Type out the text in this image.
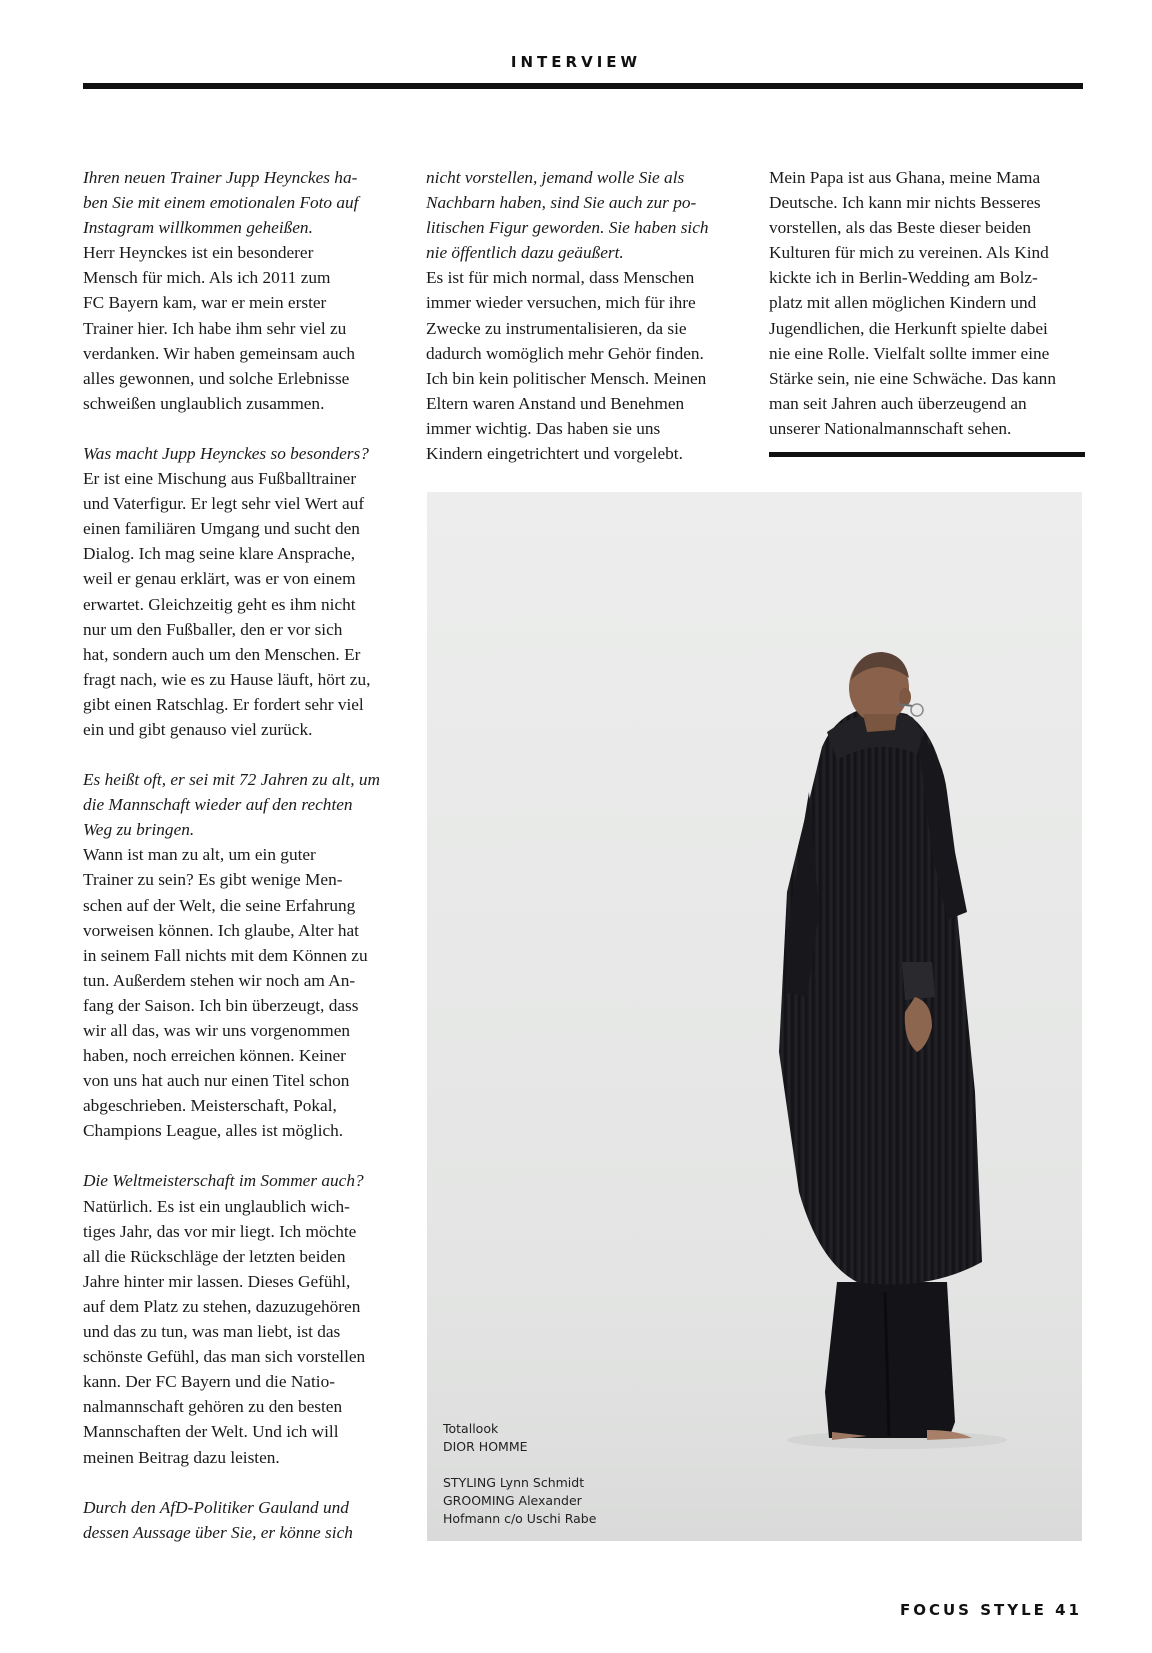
INTERVIEW

Ihren neuen Trainer Jupp Heynckes ha-
ben Sie mit einem emotionalen Foto auf
Instagram willkommen geheißen.

Herr Heynckes ist ein besonderer
Mensch für mich. Als ich 2011 zum
FC Bayern kam, war er mein erster
Trainer hier. Ich habe ihm sehr viel zu
verdanken. Wir haben gemeinsam auch
alles gewonnen, und solche Erlebnisse
schweißen unglaublich zusammen.

Was macht Jupp Heynckes so besonders?

Er ist eine Mischung aus Fußballtrainer
und Vaterfigur. Er legt sehr viel Wert auf
einen familiären Umgang und sucht den
Dialog. Ich mag seine klare Ansprache,
weil er genau erklärt, was er von einem
erwartet. Gleichzeitig geht es ihm nicht
nur um den Fußballer, den er vor sich
hat, sondern auch um den Menschen. Er
fragt nach, wie es zu Hause läuft, hört zu,
gibt einen Ratschlag. Er fordert sehr viel
ein und gibt genauso viel zurück.

Es heißt oft, er sei mit 72 Jahren zu alt, um
die Mannschaft wieder auf den rechten
Weg zu bringen.

Wann ist man zu alt, um ein guter
Trainer zu sein? Es gibt wenige Men-
schen auf der Welt, die seine Erfahrung
vorweisen können. Ich glaube, Alter hat
in seinem Fall nichts mit dem Können zu
tun. Außerdem stehen wir noch am An-
fang der Saison. Ich bin überzeugt, dass
wir all das, was wir uns vorgenommen
haben, noch erreichen können. Keiner
von uns hat auch nur einen Titel schon
abgeschrieben. Meisterschaft, Pokal,
Champions League, alles ist möglich.

Die Weltmeisterschaft im Sommer auch?

Natürlich. Es ist ein unglaublich wich-
tiges Jahr, das vor mir liegt. Ich möchte
all die Rückschläge der letzten beiden
Jahre hinter mir lassen. Dieses Gefühl,
auf dem Platz zu stehen, dazuzugehören
und das zu tun, was man liebt, ist das
schönste Gefühl, das man sich vorstellen
kann. Der FC Bayern und die Natio-
nalmannschaft gehören zu den besten
Mannschaften der Welt. Und ich will
meinen Beitrag dazu leisten.

Durch den AfD-Politiker Gauland und
dessen Aussage über Sie, er könne sich

nicht vorstellen, jemand wolle Sie als
Nachbarn haben, sind Sie auch zur po-
litischen Figur geworden. Sie haben sich
nie öffentlich dazu geäußert.

Es ist für mich normal, dass Menschen
immer wieder versuchen, mich für ihre
Zwecke zu instrumentalisieren, da sie
dadurch womöglich mehr Gehör finden.
Ich bin kein politischer Mensch. Meinen
Eltern waren Anstand und Benehmen
immer wichtig. Das haben sie uns
Kindern eingetrichtert und vorgelebt.

Mein Papa ist aus Ghana, meine Mama
Deutsche. Ich kann mir nichts Besseres
vorstellen, als das Beste dieser beiden
Kulturen für mich zu vereinen. Als Kind
kickte ich in Berlin-Wedding am Bolz-
platz mit allen möglichen Kindern und
Jugendlichen, die Herkunft spielte dabei
nie eine Rolle. Vielfalt sollte immer eine
Stärke sein, nie eine Schwäche. Das kann
man seit Jahren auch überzeugend an
unserer Nationalmannschaft sehen.

Totallook

DIOR HOMME

STYLING Lynn Schmidt

GROOMING Alexander

Hofmann c/o Uschi Rabe

FOCUS STYLE 41
